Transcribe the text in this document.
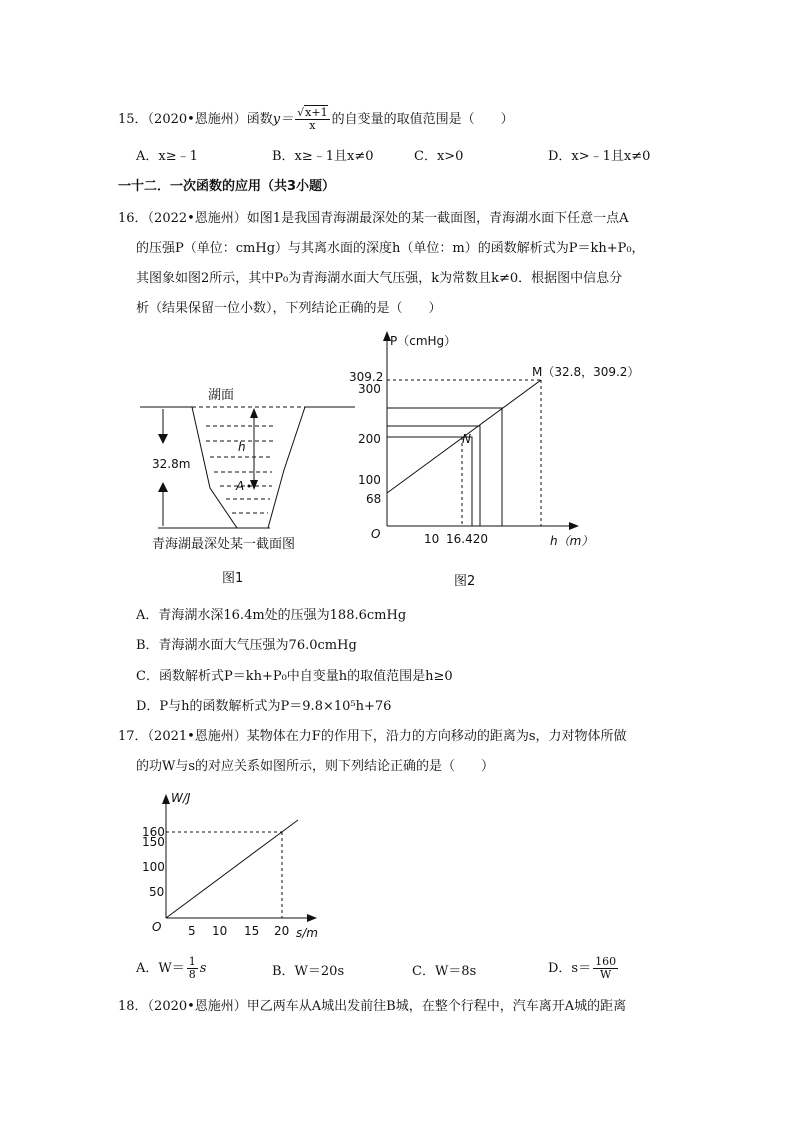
15．（2020•恩施州）函数$y= \frac{√x+1}{x}$ 的自变量的取值范围是（　　）
A．x≥﹣1	B．x≥﹣1且x≠0	C．x>0	D．x>﹣1且x≠0
一十二．一次函数的应用（共3小题）
16．（2022•恩施州）如图1是我国青海湖最深处的某一截面图，青海湖水面下任意一点A
的压强P（单位：cmHg）与其离水面的深度h（单位：m）的函数解析式为P＝kh+P₀，
其图象如图2所示，其中P₀为青海湖水面大气压强，k为常数且k≠0．根据图中信息分
析（结果保留一位小数），下列结论正确的是（　　）
湖面
32.8m
h
A
青海湖最深处某一截面图
图1
P（cmHg）
h（m）
O
M（32.8，309.2）
N
309.2
300
200
100
68
10 16.420
图2
A．青海湖水深16.4m处的压强为188.6cmHg
B．青海湖水面大气压强为76.0cmHg
C．函数解析式P＝kh+P₀中自变量h的取值范围是h≥0
D．P与h的函数解析式为P＝9.8×10⁵h+76
17．（2021•恩施州）某物体在力F的作用下，沿力的方向移动的距离为s，力对物体所做
的功W与s的对应关系如图所示，则下列结论正确的是（　　）
W/J
s/m
O
160
150
100
50
5 10 15 20
A．$W= \frac{1}{8}$ s	B．W＝20s	C．W＝8s	D．$s= \frac{160}{W}$
18．（2020•恩施州）甲乙两车从A城出发前往B城，在整个行程中，汽车离开A城的距离
